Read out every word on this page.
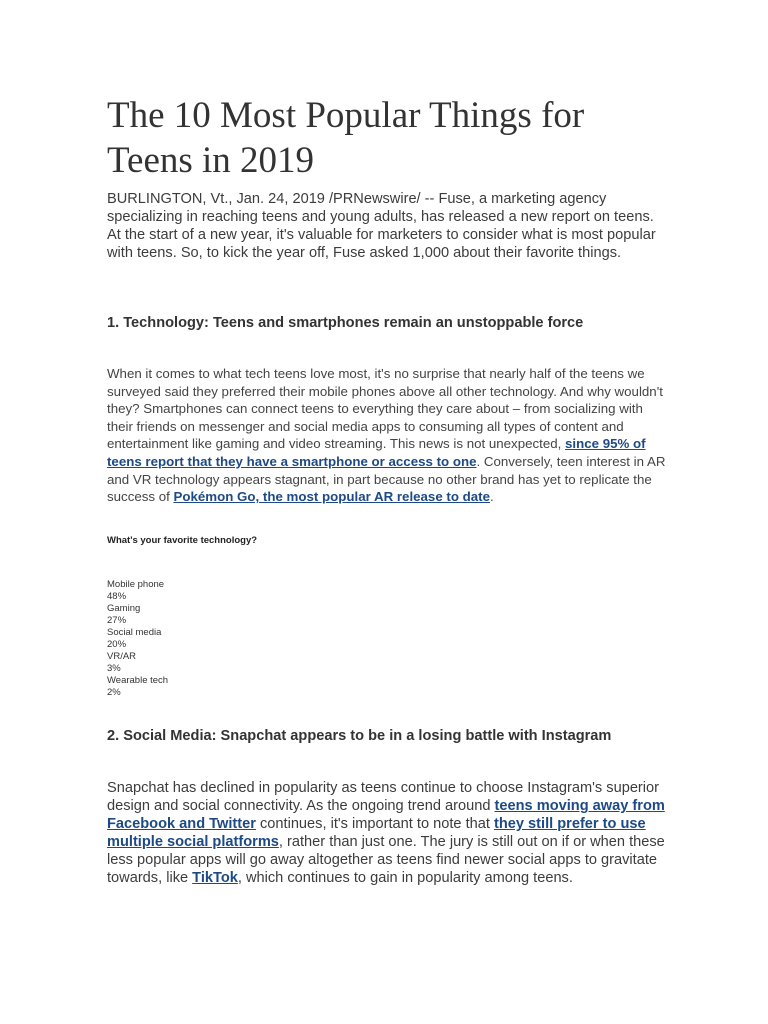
The 10 Most Popular Things for Teens in 2019

BURLINGTON, Vt., Jan. 24, 2019 /PRNewswire/ -- Fuse, a marketing agency specializing in reaching teens and young adults, has released a new report on teens. At the start of a new year, it's valuable for marketers to consider what is most popular with teens. So, to kick the year off, Fuse asked 1,000 about their favorite things.

1. Technology: Teens and smartphones remain an unstoppable force

When it comes to what tech teens love most, it's no surprise that nearly half of the teens we surveyed said they preferred their mobile phones above all other technology. And why wouldn't they? Smartphones can connect teens to everything they care about – from socializing with their friends on messenger and social media apps to consuming all types of content and entertainment like gaming and video streaming. This news is not unexpected, since 95% of teens report that they have a smartphone or access to one. Conversely, teen interest in AR and VR technology appears stagnant, in part because no other brand has yet to replicate the success of Pokémon Go, the most popular AR release to date.

What's your favorite technology?

Mobile phone
48%
Gaming
27%
Social media
20%
VR/AR
3%
Wearable tech
2%
2. Social Media: Snapchat appears to be in a losing battle with Instagram

Snapchat has declined in popularity as teens continue to choose Instagram's superior design and social connectivity. As the ongoing trend around teens moving away from Facebook and Twitter continues, it's important to note that they still prefer to use multiple social platforms, rather than just one. The jury is still out on if or when these less popular apps will go away altogether as teens find newer social apps to gravitate towards, like TikTok, which continues to gain in popularity among teens.
